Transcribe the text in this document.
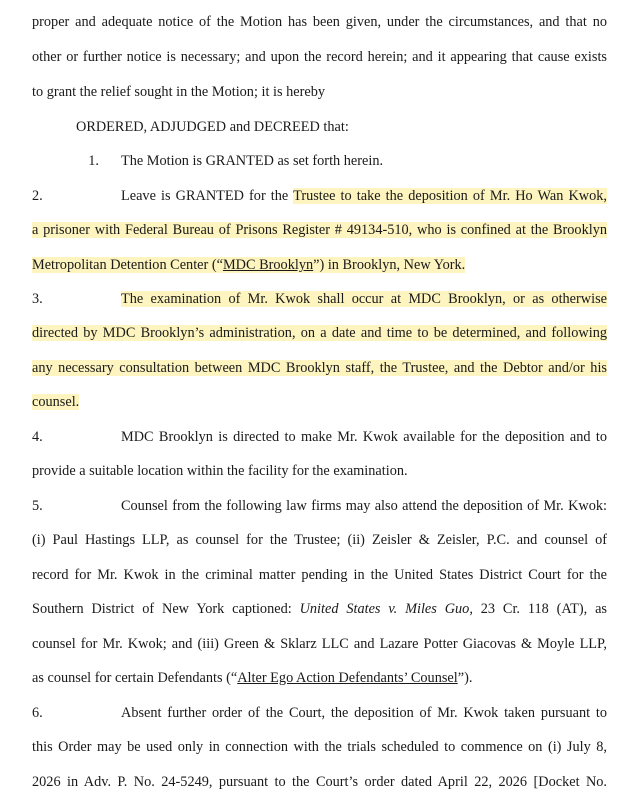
proper and adequate notice of the Motion has been given, under the circumstances, and that no
other or further notice is necessary; and upon the record herein; and it appearing that cause exists
to grant the relief sought in the Motion; it is hereby
ORDERED, ADJUDGED and DECREED that:
1. The Motion is GRANTED as set forth herein.
2.	Leave is GRANTED for the Trustee to take the deposition of Mr. Ho Wan Kwok,
a prisoner with Federal Bureau of Prisons Register # 49134-510, who is confined at the Brooklyn
Metropolitan Detention Center (“MDC Brooklyn”) in Brooklyn, New York.
3.	The examination of Mr. Kwok shall occur at MDC Brooklyn, or as otherwise
directed by MDC Brooklyn’s administration, on a date and time to be determined, and following
any necessary consultation between MDC Brooklyn staff, the Trustee, and the Debtor and/or his
counsel.
4.	MDC Brooklyn is directed to make Mr. Kwok available for the deposition and to
provide a suitable location within the facility for the examination.
5.	Counsel from the following law firms may also attend the deposition of Mr. Kwok:
(i) Paul Hastings LLP, as counsel for the Trustee; (ii) Zeisler & Zeisler, P.C. and counsel of
record for Mr. Kwok in the criminal matter pending in the United States District Court for the
Southern District of New York captioned: United States v. Miles Guo, 23 Cr. 118 (AT), as
counsel for Mr. Kwok; and (iii) Green & Sklarz LLC and Lazare Potter Giacovas & Moyle LLP,
as counsel for certain Defendants (“Alter Ego Action Defendants’ Counsel”).
6.	Absent further order of the Court, the deposition of Mr. Kwok taken pursuant to
this Order may be used only in connection with the trials scheduled to commence on (i) July 8,
2026 in Adv. P. No. 24-5249, pursuant to the Court’s order dated April 22, 2026 [Docket No.
